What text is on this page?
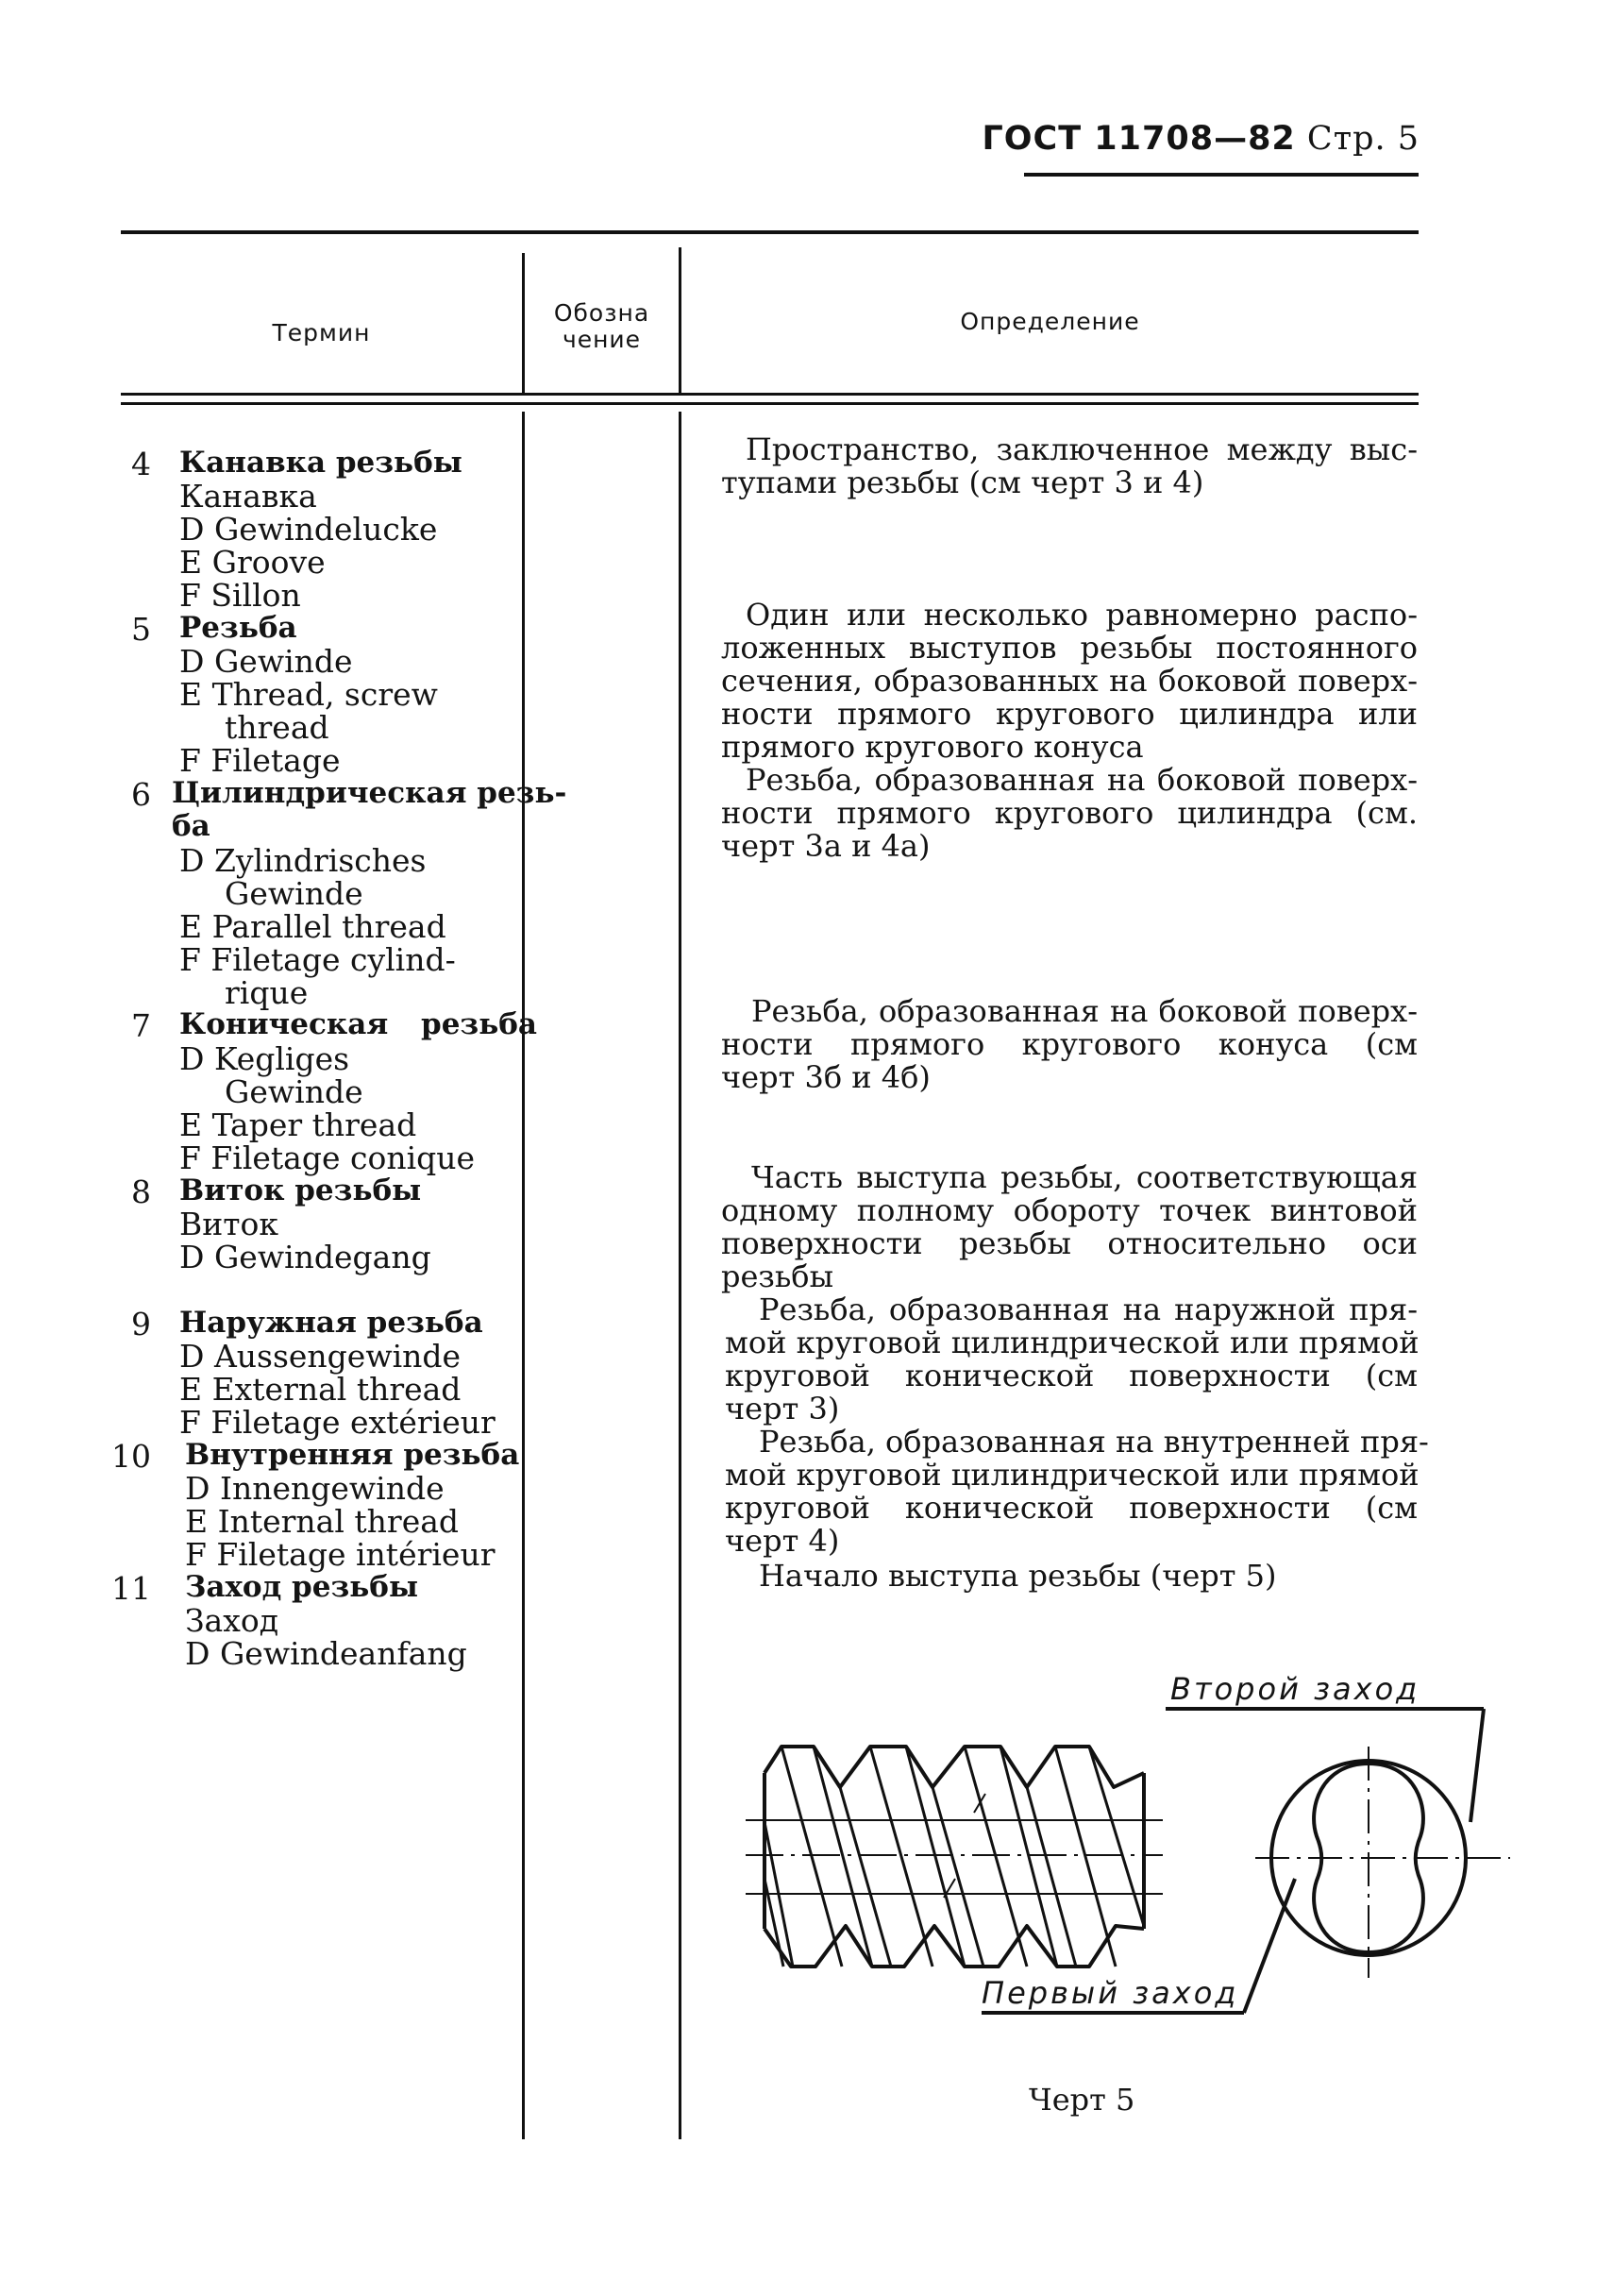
ГОСТ 11708—82 Стр. 5
Термин
Обозна
чение
Определение
4 Канавка резьбы
Канавка
D Gewindelucke
E Groove
F Sillon
5 Резьба
D Gewinde
E Thread, screw
thread
F Filetage
6 Цилиндрическая резь-
ба
D Zylindrisches
Gewinde
E Parallel thread
F Filetage cylind-
rique
7 Коническая резьба
D Kegliges
Gewinde
E Taper thread
F Filetage conique
8 Виток резьбы
Виток
D Gewindegang
9 Наружная резьба
D Aussengewinde
E External thread
F Filetage extérieur
10 Внутренняя резьба
D Innengewinde
E Internal thread
F Filetage intérieur
11 Заход резьбы
Заход
D Gewindeanfang
Пространство, заключенное между выс-
тупами резьбы (см черт 3 и 4)
Один или несколько равномерно распо-
ложенных выступов резьбы постоянного
сечения, образованных на боковой поверх-
ности прямого кругового цилиндра или
прямого кругового конуса
Резьба, образованная на боковой поверх-
ности прямого кругового цилиндра (см.
черт 3а и 4а)
Резьба, образованная на боковой поверх-
ности прямого кругового конуса (см
черт 3б и 4б)
Часть выступа резьбы, соответствующая
одному полному обороту точек винтовой
поверхности резьбы относительно оси
резьбы
Резьба, образованная на наружной пря-
мой круговой цилиндрической или прямой
круговой конической поверхности (см
черт 3)
Резьба, образованная на внутренней пря-
мой круговой цилиндрической или прямой
круговой конической поверхности (см
черт 4)
Начало выступа резьбы (черт 5)
Второй заход
Первый заход
Черт 5
